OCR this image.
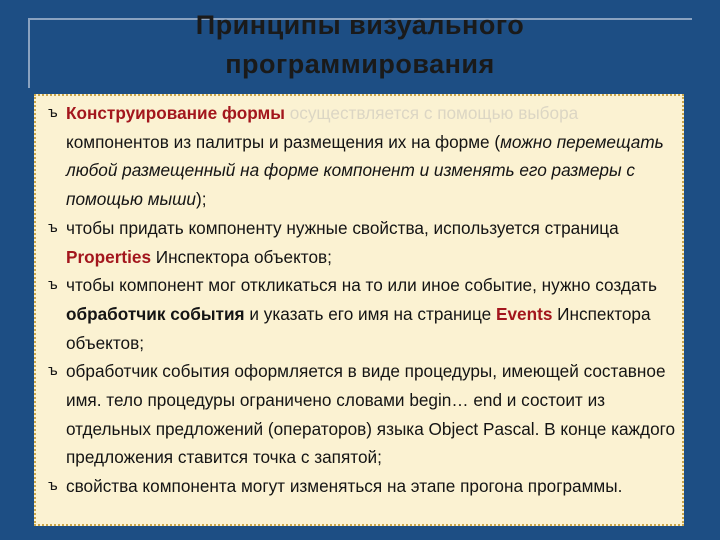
Принципы визуального
программирования
ъ Конструирование формы осуществляется с помощью выбора компонентов из палитры и размещения их на форме (можно перемещать любой размещенный на форме компонент и изменять его размеры с помощью мыши);
ъ чтобы придать компоненту нужные свойства, используется страница Properties Инспектора объектов;
ъ чтобы компонент мог откликаться на то или иное событие, нужно создать обработчик события и указать его имя на странице Events Инспектора объектов;
ъ обработчик события оформляется в виде процедуры, имеющей составное имя. тело процедуры ограничено словами begin… end и состоит из отдельных предложений (операторов) языка Object Pascal. В конце каждого предложения ставится точка с запятой;
ъ свойства компонента могут изменяться на этапе прогона программы.
